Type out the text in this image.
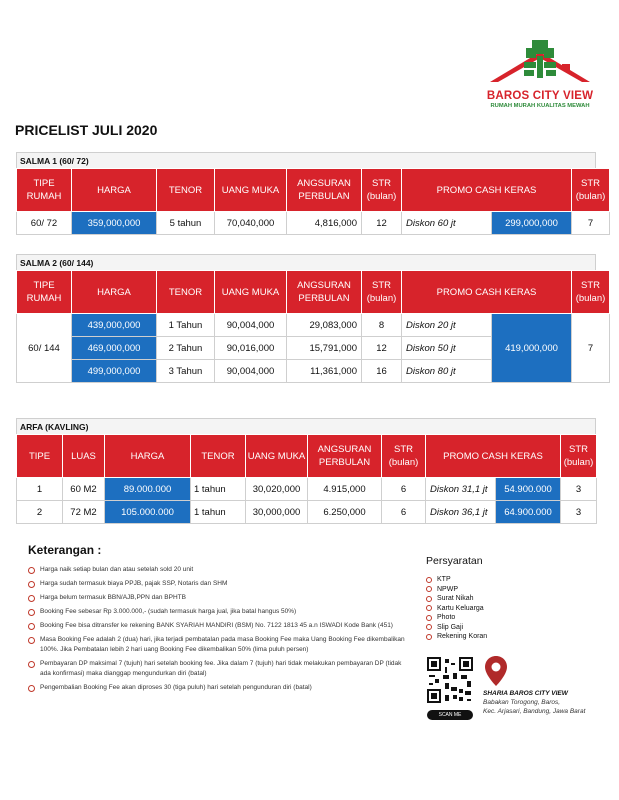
BAROS CITY VIEW
RUMAH MURAH KUALITAS MEWAH
PRICELIST JULI 2020
SALMA 1 (60/ 72)
TIPE RUMAH	HARGA	TENOR	UANG MUKA	ANGSURAN PERBULAN	STR (bulan)	PROMO CASH KERAS		STR (bulan)
60/ 72	359,000,000	5 tahun	70,040,000	4,816,000	12	Diskon 60 jt	299,000,000	7
SALMA 2 (60/ 144)
TIPE RUMAH	HARGA	TENOR	UANG MUKA	ANGSURAN PERBULAN	STR (bulan)	PROMO CASH KERAS		STR (bulan)
60/ 144	439,000,000	1 Tahun	90,004,000	29,083,000	8	Diskon 20 jt	419,000,000	7
	469,000,000	2 Tahun	90,016,000	15,791,000	12	Diskon 50 jt		
	499,000,000	3 Tahun	90,004,000	11,361,000	16	Diskon 80 jt		
ARFA (KAVLING)
TIPE	LUAS	HARGA	TENOR	UANG MUKA	ANGSURAN PERBULAN	STR (bulan)	PROMO CASH KERAS		STR (bulan)
1	60 M2	89.000.000	1 tahun	30,020,000	4.915,000	6	Diskon 31,1 jt	54.900.000	3
2	72 M2	105.000.000	1 tahun	30,000,000	6.250,000	6	Diskon 36,1 jt	64.900.000	3
Keterangan :
Harga naik setiap bulan dan atau setelah sold 20 unit
Harga sudah termasuk biaya PPJB, pajak SSP, Notaris dan SHM
Harga belum termasuk BBN/AJB,PPN dan BPHTB
Booking Fee sebesar Rp 3.000.000,- (sudah termasuk harga jual, jika batal hangus 50%)
Booking Fee bisa ditransfer ke rekening BANK SYARIAH MANDIRI (BSM) No. 7122 1813 45 a.n ISWADI Kode Bank (451)
Masa Booking Fee adalah 2 (dua) hari, jika terjadi pembatalan pada masa Booking Fee maka Uang Booking Fee dikembalikan 100%. Jika Pembatalan lebih 2 hari uang Booking Fee dikembalikan 50% (lima puluh persen)
Pembayaran DP maksimal 7 (tujuh) hari setelah booking fee. Jika dalam 7 (tujuh) hari tidak melakukan pembayaran DP (tidak ada konfirmasi) maka dianggap mengundurkan diri (batal)
Pengembalian Booking Fee akan diproses 30 (tiga puluh) hari setelah pengunduran diri (batal)
Persyaratan
KTP
NPWP
Surat Nikah
Kartu Keluarga
Photo
Slip Gaji
Rekening Koran
SCAN ME
SHARIA BAROS CITY VIEW
Babakan Torogong, Baros,
Kec. Arjasari, Bandung, Jawa Barat
